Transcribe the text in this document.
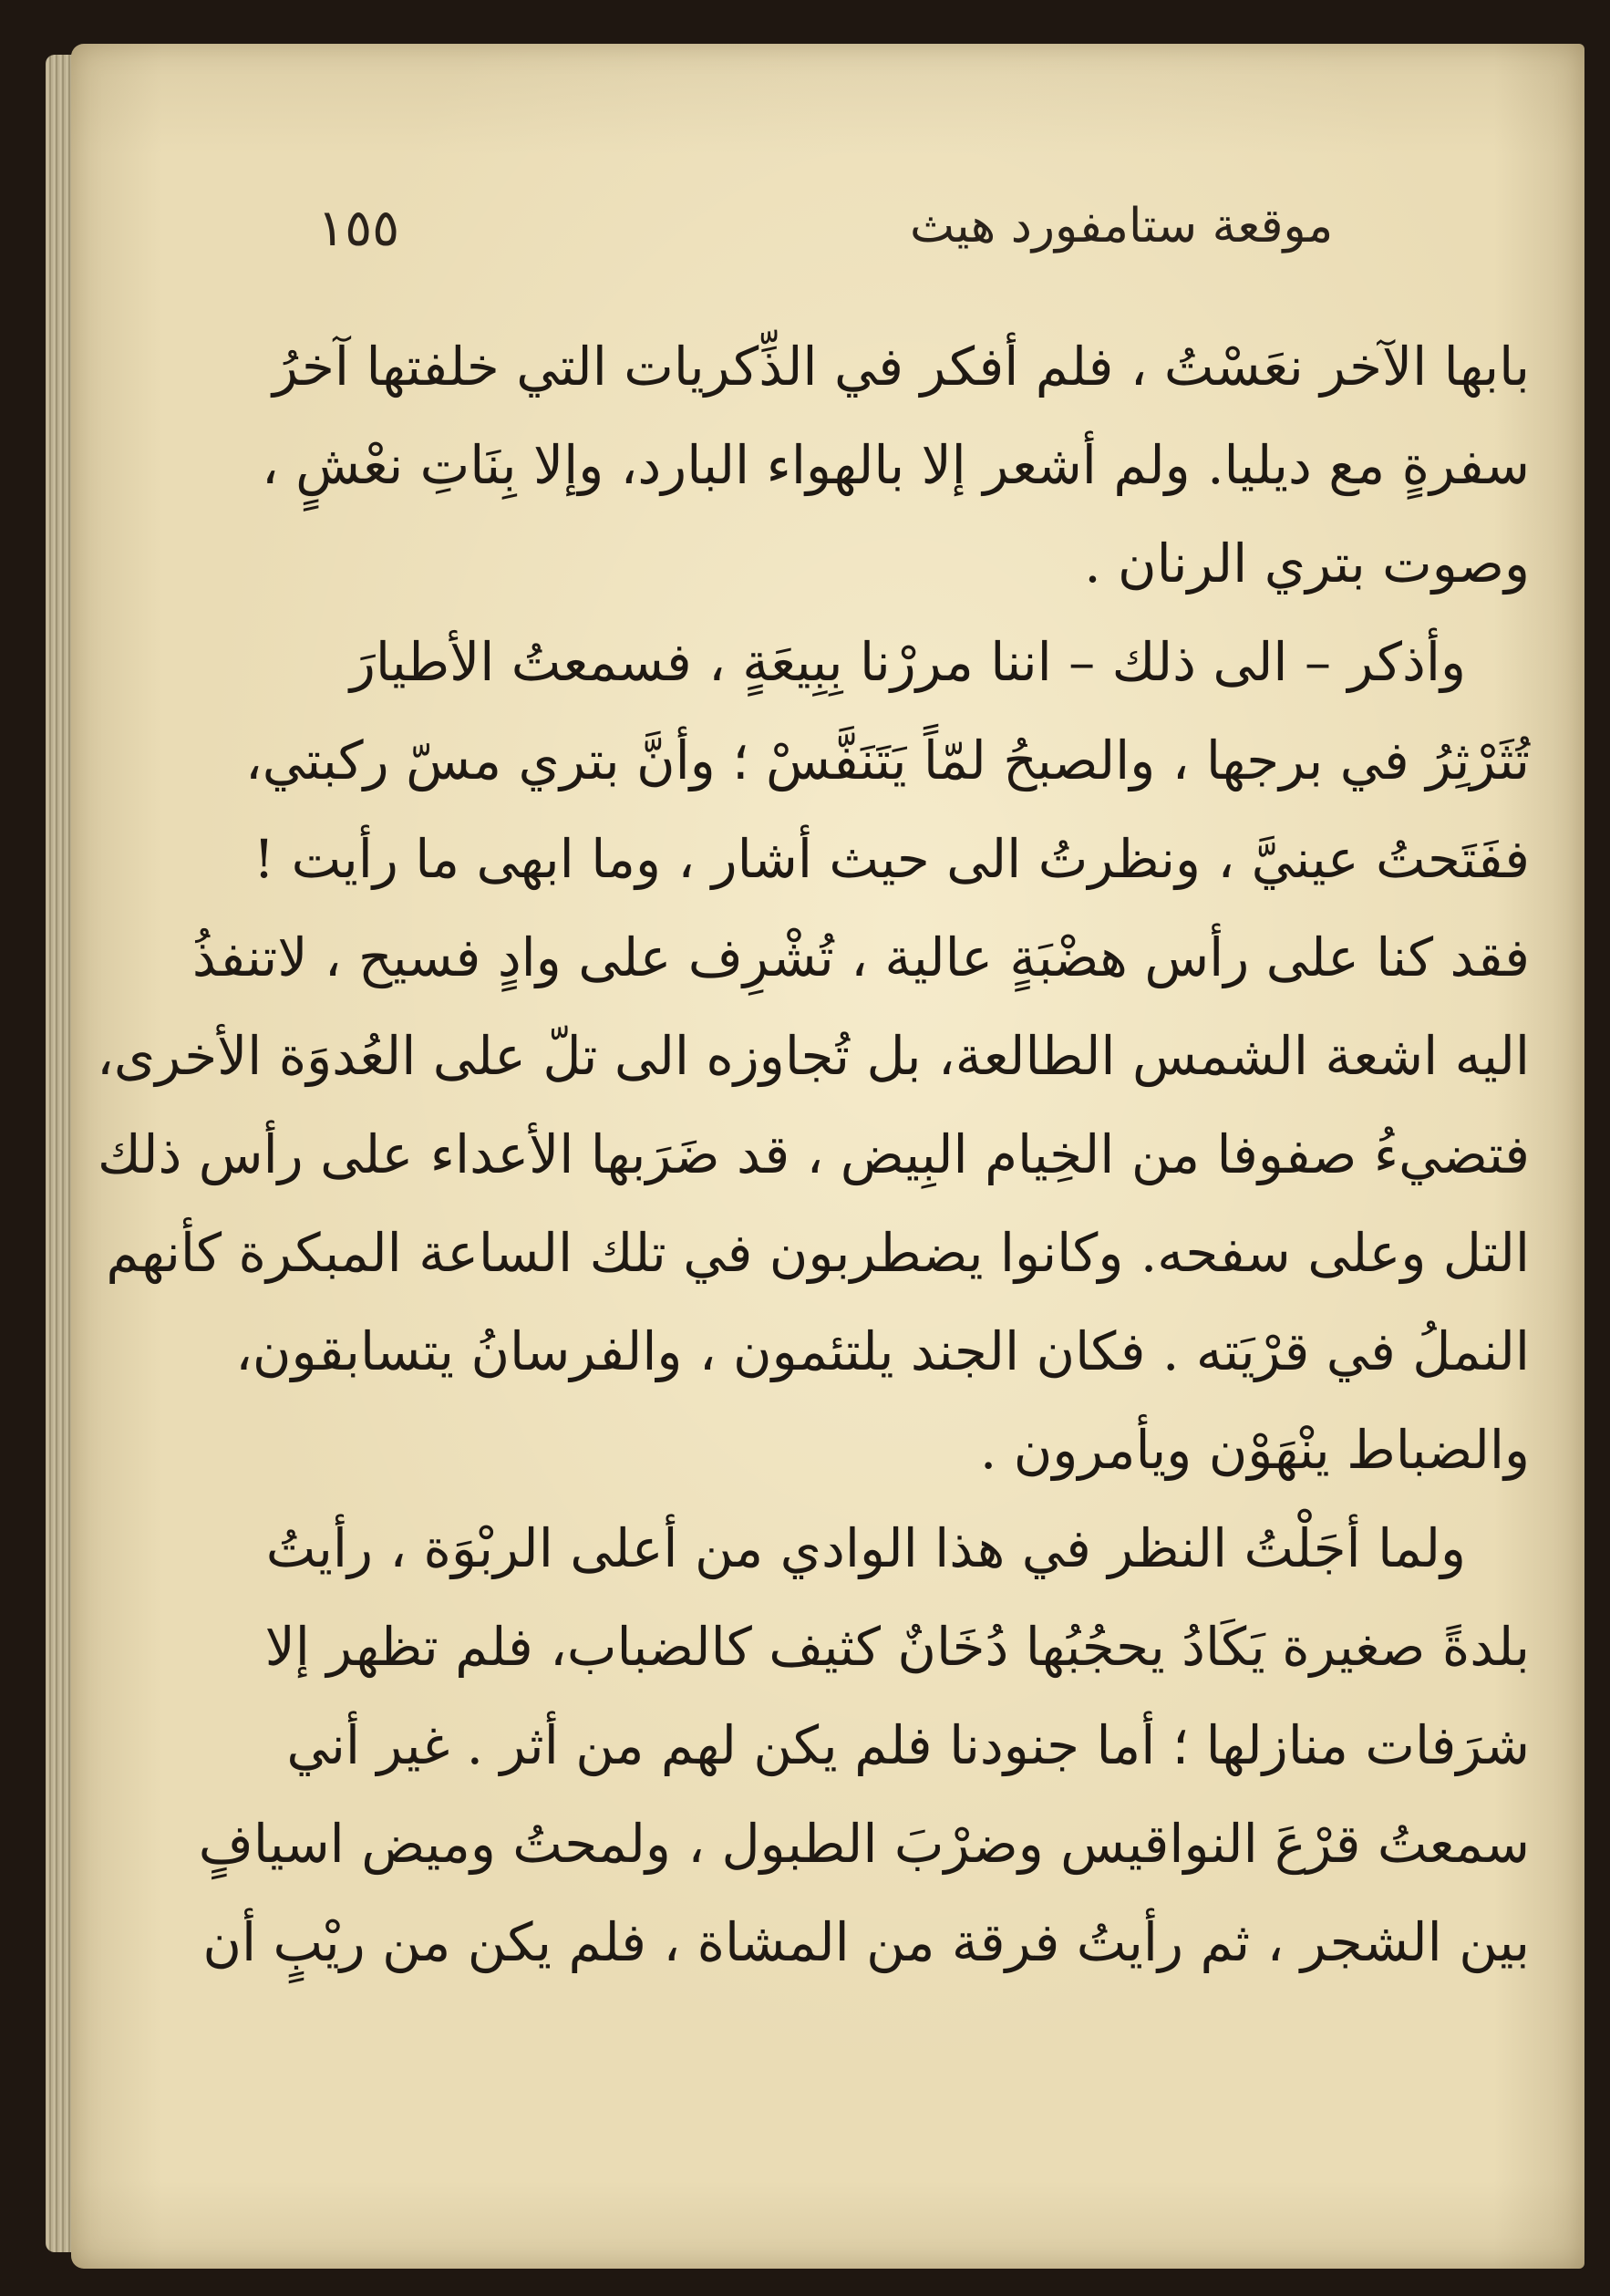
١٥٥	موقعة ستامفورد هيث

بابها الآخر نعَسْتُ ، فلم أفكر في الذِّكريات التي خلفتها آخرُ
سفرةٍ مع ديليا. ولم أشعر إلا بالهواء البارد، وإلا بِنَاتِ نعْشٍ ،
وصوت بتري الرنان .

وأذكر – الى ذلك – اننا مررْنا بِبِيعَةٍ ، فسمعتُ الأطيارَ
تُثَرْثِرُ في برجها ، والصبحُ لمّاً يَتَنَفَّسْ ؛ وأنَّ بتري مسّ ركبتي،
ففَتَحتُ عينيَّ ، ونظرتُ الى حيث أشار ، وما ابهى ما رأيت !
فقد كنا على رأس هضْبَةٍ عالية ، تُشْرِف على وادٍ فسيح ، لاتنفذُ
اليه اشعة الشمس الطالعة، بل تُجاوزه الى تلّ على العُدوَة الأخرى،
فتضيءُ صفوفا من الخِيام البِيض ، قد ضَرَبها الأعداء على رأس ذلك
التل وعلى سفحه. وكانوا يضطربون في تلك الساعة المبكرة كأنهم
النملُ في قرْيَته . فكان الجند يلتئمون ، والفرسانُ يتسابقون،
والضباط ينْهَوْن ويأمرون .

ولما أجَلْتُ النظر في هذا الوادي من أعلى الربْوَة ، رأيتُ
بلدةً صغيرة يَكَادُ يحجُبُها دُخَانٌ كثيف كالضباب، فلم تظهر إلا
شرَفات منازلها ؛ أما جنودنا فلم يكن لهم من أثر . غير أني
سمعتُ قرْعَ النواقيس وضرْبَ الطبول ، ولمحتُ وميض اسيافٍ
بين الشجر ، ثم رأيتُ فرقة من المشاة ، فلم يكن من ريْبٍ أن
